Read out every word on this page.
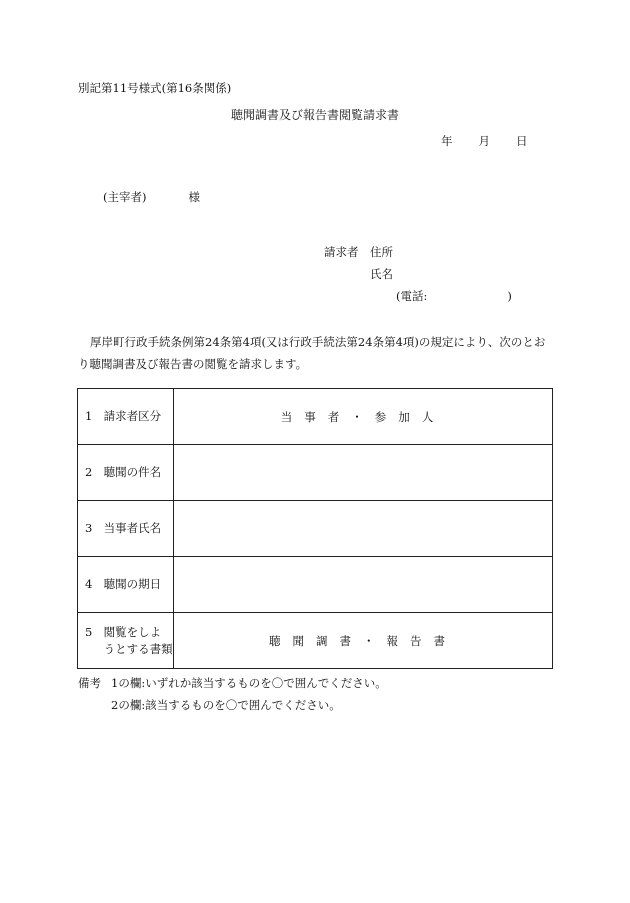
別記第11号様式(第16条関係)
聴聞調書及び報告書閲覧請求書
年 月 日
(主宰者)	様
請求者 住所
氏名
(電話:	)
厚岸町行政手続条例第24条第4項(又は行政手続法第24条第4項)の規定により、次のとおり聴聞調書及び報告書の閲覧を請求します。
1 請求者区分	当事者・参加人
2 聴聞の件名	
3 当事者氏名	
4 聴聞の期日	
5 閲覧をしよ
うとする書類	聴聞調書・報告書
備考 1の欄:いずれか該当するものを〇で囲んでください。
2の欄:該当するものを〇で囲んでください。
